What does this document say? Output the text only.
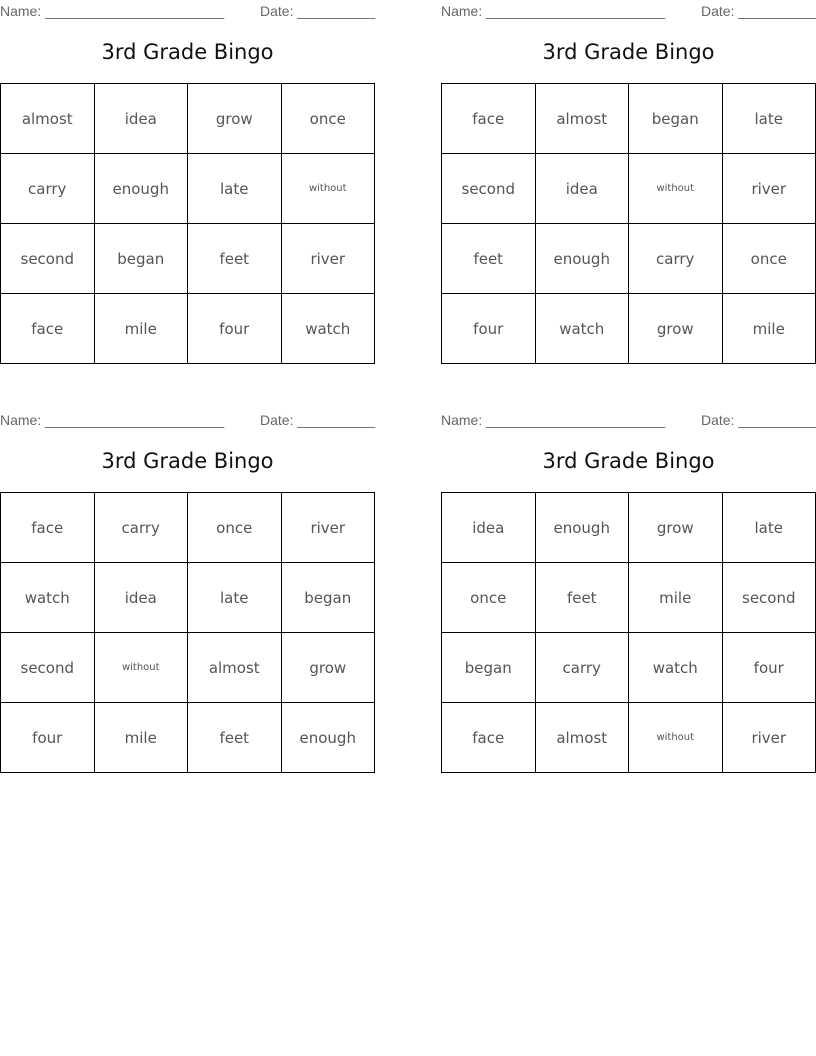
Name: _______________________	Date: __________
3rd Grade Bingo
almost	idea	grow	once
carry	enough	late	without
second	began	feet	river
face	mile	four	watch
Name: _______________________	Date: __________
3rd Grade Bingo
face	almost	began	late
second	idea	without	river
feet	enough	carry	once
four	watch	grow	mile
Name: _______________________	Date: __________
3rd Grade Bingo
face	carry	once	river
watch	idea	late	began
second	without	almost	grow
four	mile	feet	enough
Name: _______________________	Date: __________
3rd Grade Bingo
idea	enough	grow	late
once	feet	mile	second
began	carry	watch	four
face	almost	without	river
